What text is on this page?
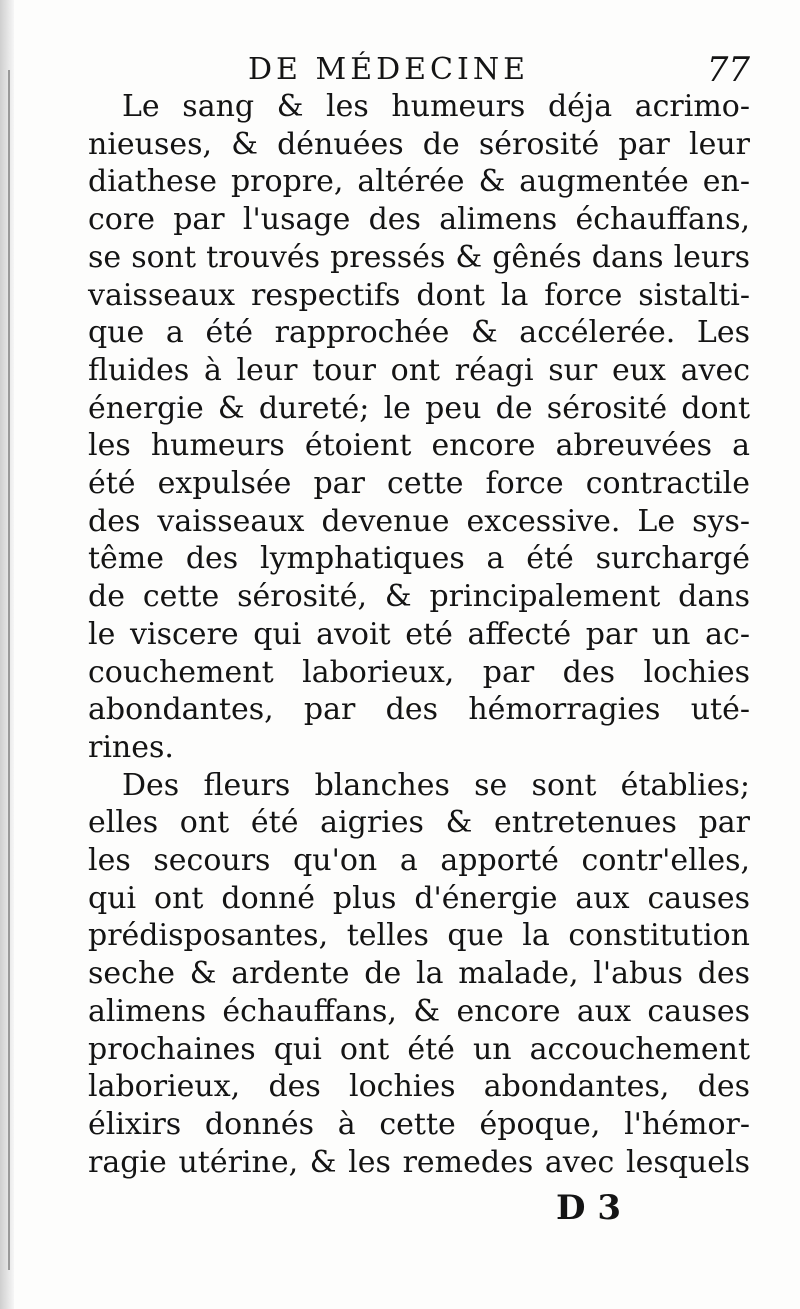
DE MÉDECINE	77

Le sang & les humeurs déja acrimo-
nieuses, & dénuées de sérosité par leur
diathese propre, altérée & augmentée en-
core par l'usage des alimens échauffans,
se sont trouvés pressés & gênés dans leurs
vaisseaux respectifs dont la force sistalti-
que a été rapprochée & accélerée. Les
fluides à leur tour ont réagi sur eux avec
énergie & dureté; le peu de sérosité dont
les humeurs étoient encore abreuvées a
été expulsée par cette force contractile
des vaisseaux devenue excessive. Le sys-
tême des lymphatiques a été surchargé
de cette sérosité, & principalement dans
le viscere qui avoit eté affecté par un ac-
couchement laborieux, par des lochies
abondantes, par des hémorragies uté-
rines.

Des fleurs blanches se sont établies;
elles ont été aigries & entretenues par
les secours qu'on a apporté contr'elles,
qui ont donné plus d'énergie aux causes
prédisposantes, telles que la constitution
seche & ardente de la malade, l'abus des
alimens échauffans, & encore aux causes
prochaines qui ont été un accouchement
laborieux, des lochies abondantes, des
élixirs donnés à cette époque, l'hémor-
ragie utérine, & les remedes avec lesquels

D 3
